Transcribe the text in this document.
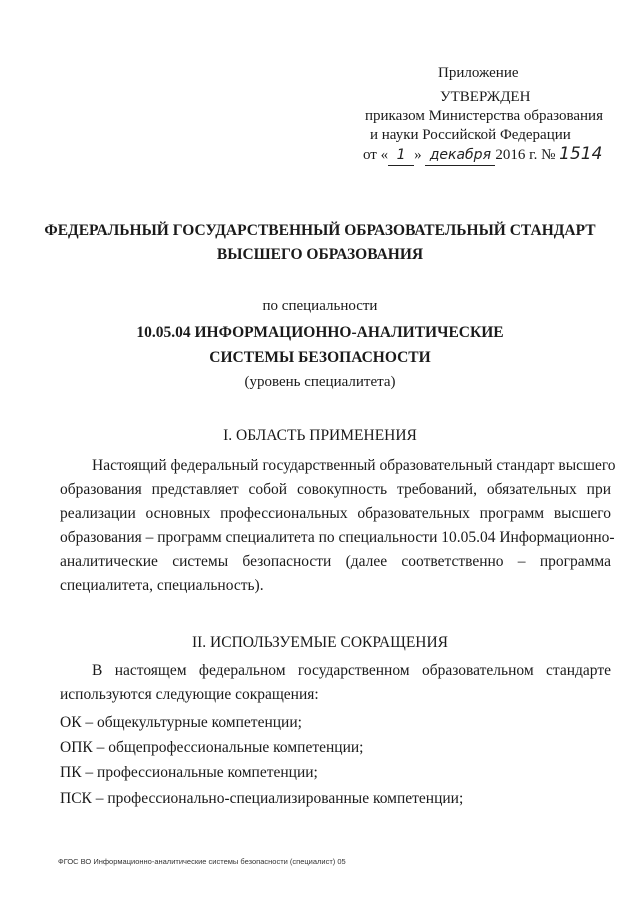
Приложение
УТВЕРЖДЕН
приказом Министерства образования
и науки Российской Федерации
от « 1 » декабря 2016 г. № 1514
ФЕДЕРАЛЬНЫЙ ГОСУДАРСТВЕННЫЙ ОБРАЗОВАТЕЛЬНЫЙ СТАНДАРТ
ВЫСШЕГО ОБРАЗОВАНИЯ
по специальности
10.05.04 ИНФОРМАЦИОННО-АНАЛИТИЧЕСКИЕ
СИСТЕМЫ БЕЗОПАСНОСТИ
(уровень специалитета)
I. ОБЛАСТЬ ПРИМЕНЕНИЯ
Настоящий федеральный государственный образовательный стандарт высшего
образования представляет собой совокупность требований, обязательных при
реализации основных профессиональных образовательных программ высшего
образования – программ специалитета по специальности 10.05.04 Информационно-
аналитические системы безопасности (далее соответственно – программа
специалитета, специальность).
II. ИСПОЛЬЗУЕМЫЕ СОКРАЩЕНИЯ
В настоящем федеральном государственном образовательном стандарте
используются следующие сокращения:
ОК – общекультурные компетенции;
ОПК – общепрофессиональные компетенции;
ПК – профессиональные компетенции;
ПСК – профессионально-специализированные компетенции;
ФГОС ВО Информационно-аналитические системы безопасности (специалист) 05
